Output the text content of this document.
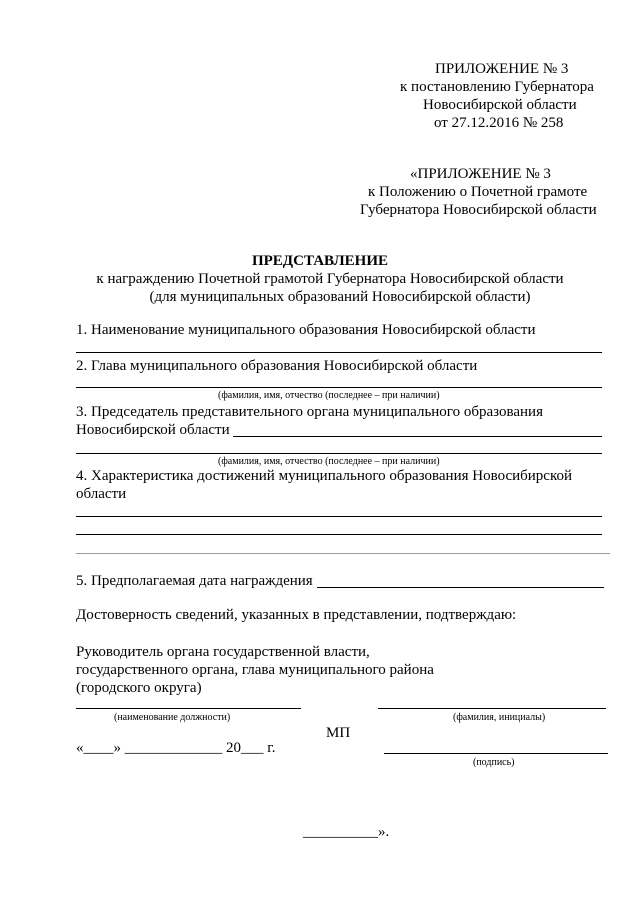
ПРИЛОЖЕНИЕ № 3
к постановлению Губернатора
Новосибирской области
от 27.12.2016 № 258
«ПРИЛОЖЕНИЕ № 3
к Положению о Почетной грамоте
Губернатора Новосибирской области
ПРЕДСТАВЛЕНИЕ
к награждению Почетной грамотой Губернатора Новосибирской области
(для муниципальных образований Новосибирской области)
1. Наименование муниципального образования Новосибирской области
2. Глава муниципального образования Новосибирской области
(фамилия, имя, отчество (последнее – при наличии)
3. Председатель представительного органа муниципального образования
Новосибирской области
(фамилия, имя, отчество (последнее – при наличии)
4. Характеристика достижений муниципального образования Новосибирской
области
5. Предполагаемая дата награждения
Достоверность сведений, указанных в представлении, подтверждаю:
Руководитель органа государственной власти,
государственного органа, глава муниципального района
(городского округа)
(наименование должности)	(фамилия, инициалы)
МП
«____» _____________ 20___ г.
(подпись)
__________».
